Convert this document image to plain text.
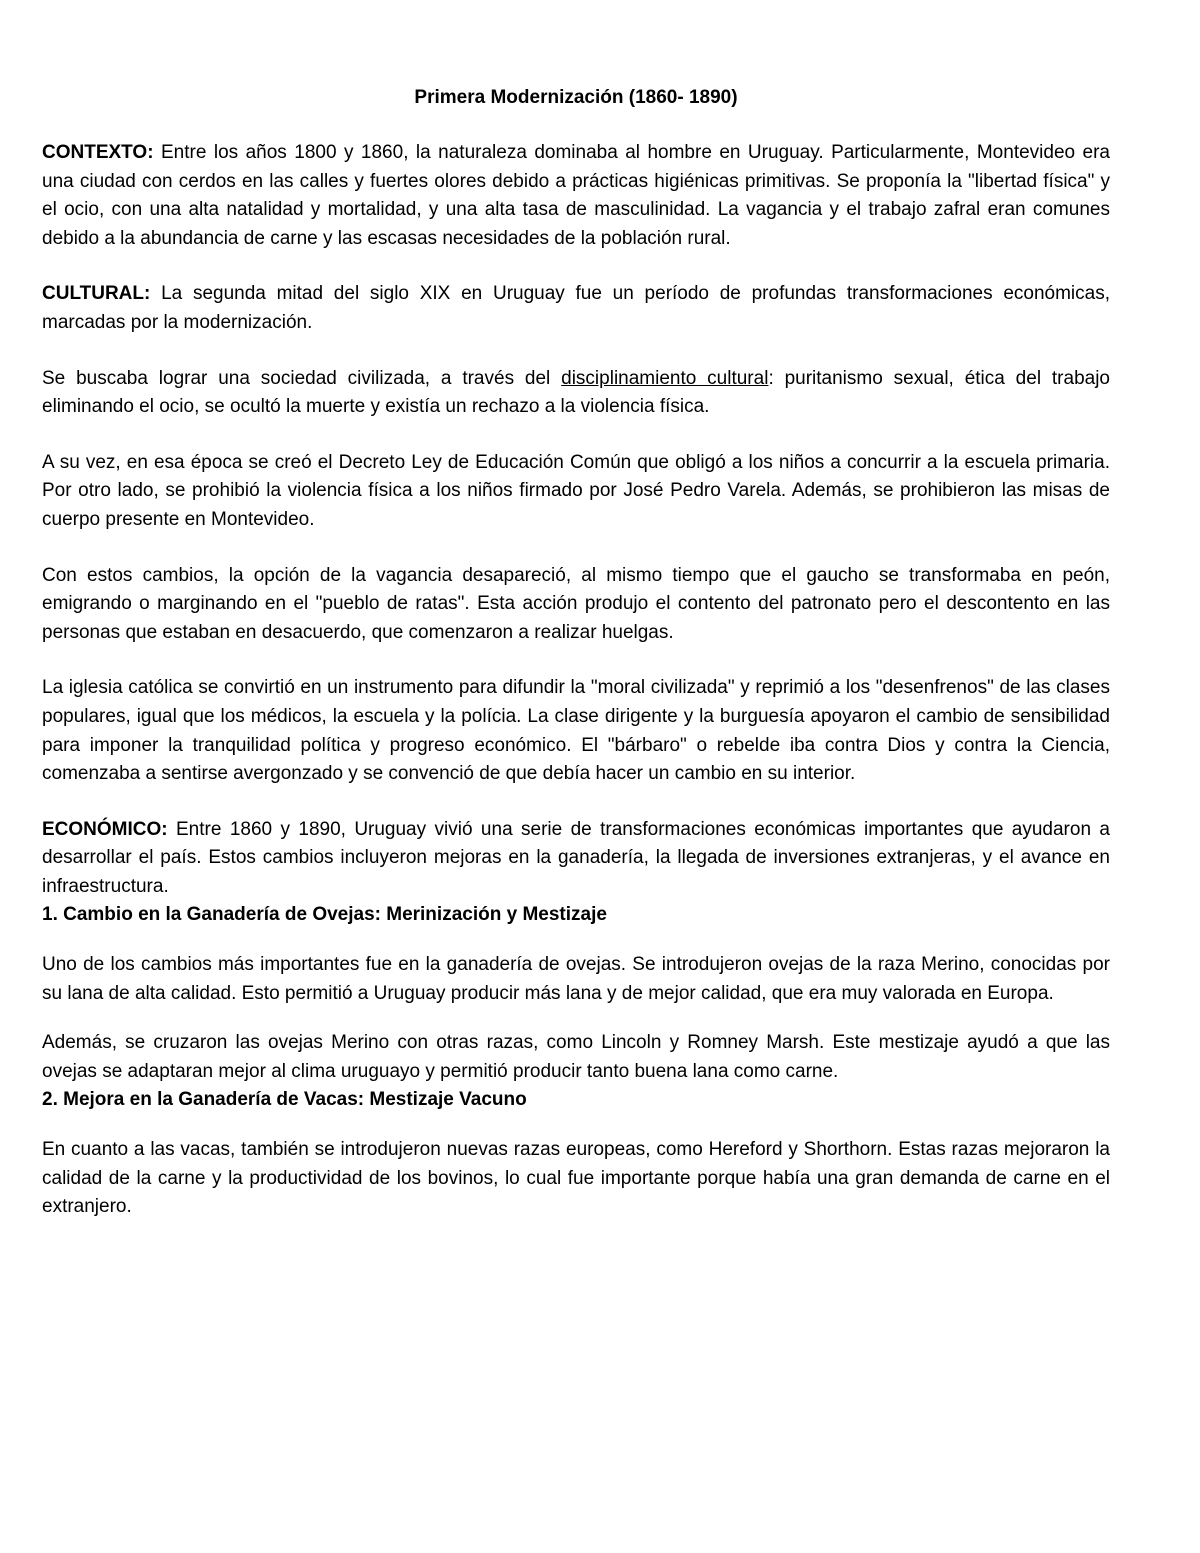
Primera Modernización (1860- 1890)

CONTEXTO: Entre los años 1800 y 1860, la naturaleza dominaba al hombre en Uruguay. Particularmente, Montevideo era una ciudad con cerdos en las calles y fuertes olores debido a prácticas higiénicas primitivas. Se proponía la "libertad física" y el ocio, con una alta natalidad y mortalidad, y una alta tasa de masculinidad. La vagancia y el trabajo zafral eran comunes debido a la abundancia de carne y las escasas necesidades de la población rural.

CULTURAL: La segunda mitad del siglo XIX en Uruguay fue un período de profundas transformaciones económicas, marcadas por la modernización.

Se buscaba lograr una sociedad civilizada, a través del disciplinamiento cultural: puritanismo sexual, ética del trabajo eliminando el ocio, se ocultó la muerte y existía un rechazo a la violencia física.

A su vez, en esa época se creó el Decreto Ley de Educación Común que obligó a los niños a concurrir a la escuela primaria. Por otro lado, se prohibió la violencia física a los niños firmado por José Pedro Varela. Además, se prohibieron las misas de cuerpo presente en Montevideo.

Con estos cambios, la opción de la vagancia desapareció, al mismo tiempo que el gaucho se transformaba en peón, emigrando o marginando en el "pueblo de ratas". Esta acción produjo el contento del patronato pero el descontento en las personas que estaban en desacuerdo, que comenzaron a realizar huelgas.

La iglesia católica se convirtió en un instrumento para difundir la "moral civilizada" y reprimió a los "desenfrenos" de las clases populares, igual que los médicos, la escuela y la polícia. La clase dirigente y la burguesía apoyaron el cambio de sensibilidad para imponer la tranquilidad política y progreso económico. El "bárbaro" o rebelde iba contra Dios y contra la Ciencia, comenzaba a sentirse avergonzado y se convenció de que debía hacer un cambio en su interior.

ECONÓMICO: Entre 1860 y 1890, Uruguay vivió una serie de transformaciones económicas importantes que ayudaron a desarrollar el país. Estos cambios incluyeron mejoras en la ganadería, la llegada de inversiones extranjeras, y el avance en infraestructura.

1. Cambio en la Ganadería de Ovejas: Merinización y Mestizaje

Uno de los cambios más importantes fue en la ganadería de ovejas. Se introdujeron ovejas de la raza Merino, conocidas por su lana de alta calidad. Esto permitió a Uruguay producir más lana y de mejor calidad, que era muy valorada en Europa.

Además, se cruzaron las ovejas Merino con otras razas, como Lincoln y Romney Marsh. Este mestizaje ayudó a que las ovejas se adaptaran mejor al clima uruguayo y permitió producir tanto buena lana como carne.

2. Mejora en la Ganadería de Vacas: Mestizaje Vacuno

En cuanto a las vacas, también se introdujeron nuevas razas europeas, como Hereford y Shorthorn. Estas razas mejoraron la calidad de la carne y la productividad de los bovinos, lo cual fue importante porque había una gran demanda de carne en el extranjero.
